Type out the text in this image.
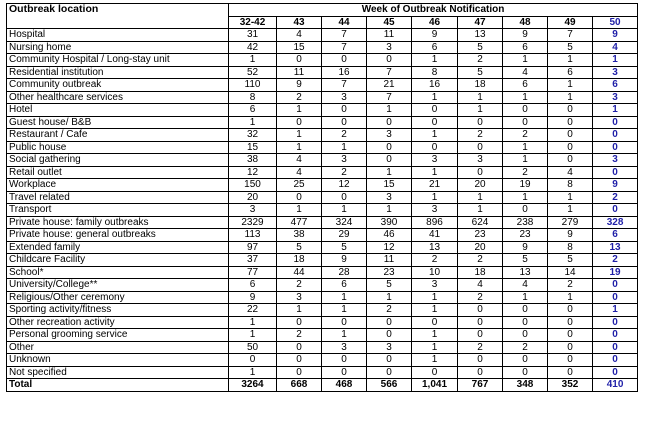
Outbreak location	Week of Outbreak Notification								
	32-42	43	44	45	46	47	48	49	50
Hospital	31	4	7	11	9	13	9	7	9
Nursing home	42	15	7	3	6	5	6	5	4
Community Hospital / Long-stay unit	1	0	0	0	1	2	1	1	1
Residential institution	52	11	16	7	8	5	4	6	3
Community outbreak	110	9	7	21	16	18	6	1	6
Other healthcare services	8	2	3	7	1	1	1	1	3
Hotel	6	1	0	1	0	1	0	0	1
Guest house/ B&B	1	0	0	0	0	0	0	0	0
Restaurant / Cafe	32	1	2	3	1	2	2	0	0
Public house	15	1	1	0	0	0	1	0	0
Social gathering	38	4	3	0	3	3	1	0	3
Retail outlet	12	4	2	1	1	0	2	4	0
Workplace	150	25	12	15	21	20	19	8	9
Travel related	20	0	0	3	1	1	1	1	2
Transport	3	1	1	1	3	1	0	1	0
Private house: family outbreaks	2329	477	324	390	896	624	238	279	328
Private house: general outbreaks	113	38	29	46	41	23	23	9	6
Extended family	97	5	5	12	13	20	9	8	13
Childcare Facility	37	18	9	11	2	2	5	5	2
School*	77	44	28	23	10	18	13	14	19
University/College**	6	2	6	5	3	4	4	2	0
Religious/Other ceremony	9	3	1	1	1	2	1	1	0
Sporting activity/fitness	22	1	1	2	1	0	0	0	1
Other recreation activity	1	0	0	0	0	0	0	0	0
Personal grooming service	1	2	1	0	1	0	0	0	0
Other	50	0	3	3	1	2	2	0	0
Unknown	0	0	0	0	1	0	0	0	0
Not specified	1	0	0	0	0	0	0	0	0
Total	3264	668	468	566	1,041	767	348	352	410
